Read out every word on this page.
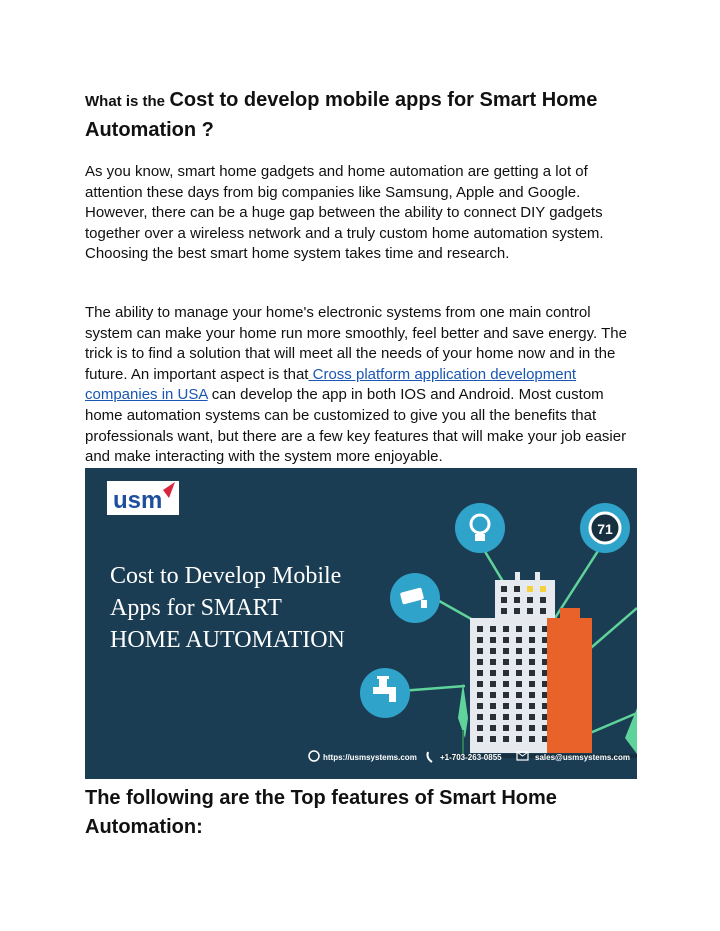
What is the Cost to develop mobile apps for Smart Home Automation ?
As you know, smart home gadgets and home automation are getting a lot of attention these days from big companies like Samsung, Apple and Google. However, there can be a huge gap between the ability to connect DIY gadgets together over a wireless network and a truly custom home automation system. Choosing the best smart home system takes time and research.
The ability to manage your home's electronic systems from one main control system can make your home run more smoothly, feel better and save energy. The trick is to find a solution that will meet all the needs of your home now and in the future. An important aspect is that Cross platform application development companies in USA can develop the app in both IOS and Android. Most custom home automation systems can be customized to give you all the benefits that professionals want, but there are a few key features that will make your job easier and make interacting with the system more enjoyable.
usm
Cost to Develop Mobile
Apps for SMART
HOME AUTOMATION
71
https://usmsystems.com	+1-703-263-0855	sales@usmsystems.com
The following are the Top features of Smart Home Automation:
